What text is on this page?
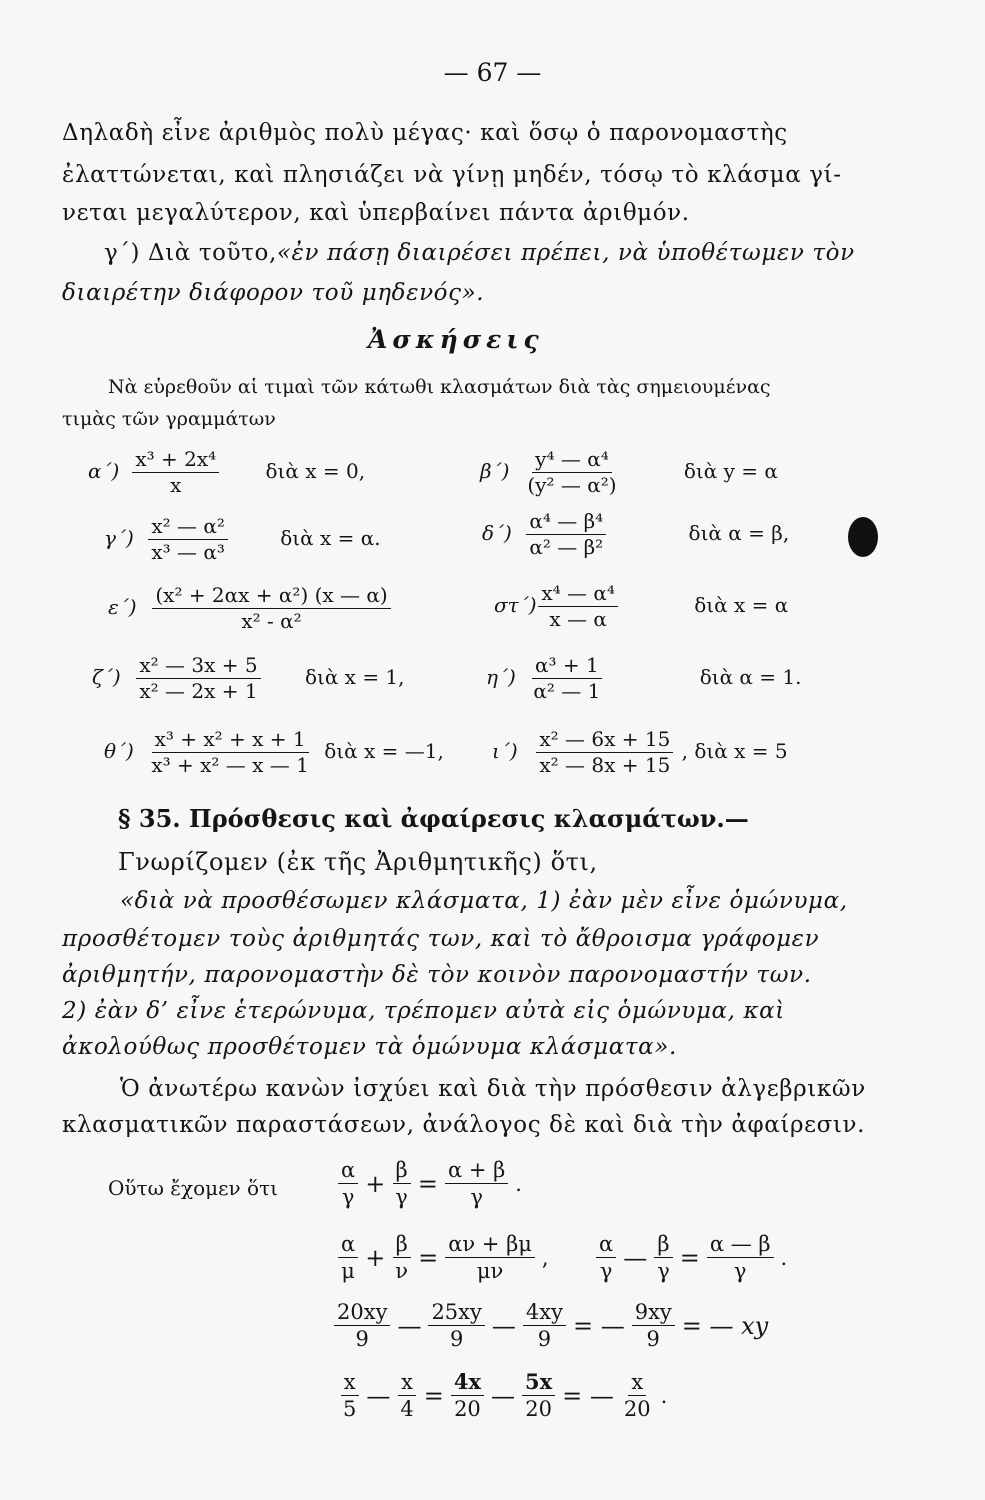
— 67 —
Δηλαδὴ εἶνε ἀριθμὸς πολὺ μέγας· καὶ ὅσῳ ὁ παρονομαστὴς
ἐλαττώνεται, καὶ πλησιάζει νὰ γίνῃ μηδέν, τόσῳ τὸ κλάσμα γί-
νεται μεγαλύτερον, καὶ ὑπερβαίνει πάντα ἀριθμόν.
γ΄) Διὰ τοῦτο,«ἐν πάσῃ διαιρέσει πρέπει, νὰ ὑποθέτωμεν τὸν
διαιρέτην διάφορον τοῦ μηδενός».
Ἀσκήσεις
Νὰ εὑρεθοῦν αἱ τιμαὶ τῶν κάτωθι κλασμάτων διὰ τὰς σημειουμένας
τιμὰς τῶν γραμμάτων
$\alpha΄) \frac{\text{x³ + 2x⁴}}{x}$ διὰ x = 0,	$\beta΄) \frac{\text{y⁴ — α⁴}}{\text{(y² — α²)}}$	διὰ y = α
$\gamma΄) \frac{\text{x² — α²}}{\text{x³ — α³}}$	διὰ x = α.	$\delta΄) \frac{\text{α⁴ — β⁴}}{\text{α² — β²}}$	διὰ α = β,
$\varepsilon΄) \frac{\text{(x² + 2αx + α²) (x — α)}}{\text{x² - α²}}$	$\sigma\tau΄) \frac{\text{x⁴ — α⁴}}{x — \alpha}$	διὰ x = α
$\zeta΄) \frac{\text{x² — 3x + 5}}{\text{x² — 2x + 1}}$ διὰ x = 1,	$\eta΄) \frac{\text{α³ + 1}}{\text{α² — 1}}$	διὰ α = 1.
$\theta΄) \frac{\text{x³ + x² + x + 1}}{\text{x³ + x² — x — 1}}$ διὰ x = —1, $\iota΄) \frac{\text{x² — 6x + 15}}{\text{x² — 8x + 15}}$ , διὰ x = 5
§ 35. Πρόσθεσις καὶ ἀφαίρεσις κλασμάτων.—
Γνωρίζομεν (ἐκ τῆς Ἀριθμητικῆς) ὅτι,
«διὰ νὰ προσθέσωμεν κλάσματα, 1) ἐὰν μὲν εἶνε ὁμώνυμα,
προσθέτομεν τοὺς ἀριθμητάς των, καὶ τὸ ἄθροισμα γράφομεν
ἀριθμητήν, παρονομαστὴν δὲ τὸν κοινὸν παρονομαστήν των.
2) ἐὰν δ’ εἶνε ἑτερώνυμα, τρέπομεν αὐτὰ εἰς ὁμώνυμα, καὶ
ἀκολούθως προσθέτομεν τὰ ὁμώνυμα κλάσματα».
Ὁ ἀνωτέρω κανὼν ἰσχύει καὶ διὰ τὴν πρόσθεσιν ἀλγεβρικῶν
κλασματικῶν παραστάσεων, ἀνάλογος δὲ καὶ διὰ τὴν ἀφαίρεσιν.
Οὕτω ἔχομεν ὅτι	$\frac{\alpha}{\gamma} + \frac{\beta}{\gamma} = \frac{\alpha + \beta}{\gamma}$ .
$\frac{\alpha}{\mu} + \frac{\beta}{\nu} = \frac{\alpha\nu + \beta\mu}{\mu\nu}$ , $\frac{\alpha}{\gamma}$ — $\frac{\beta}{\gamma} = \frac{\alpha — \beta}{\gamma}$ .
$\frac{20xy}{9}$ — $\frac{25xy}{9}$ — $\frac{4xy}{9}$ = — $\frac{9xy}{9}$ = — xy
$\frac{x}{5}$ — $\frac{x}{4} = \frac{4x}{20}$ — $\frac{5x}{20}$ = — $\frac{x}{20}$ .
